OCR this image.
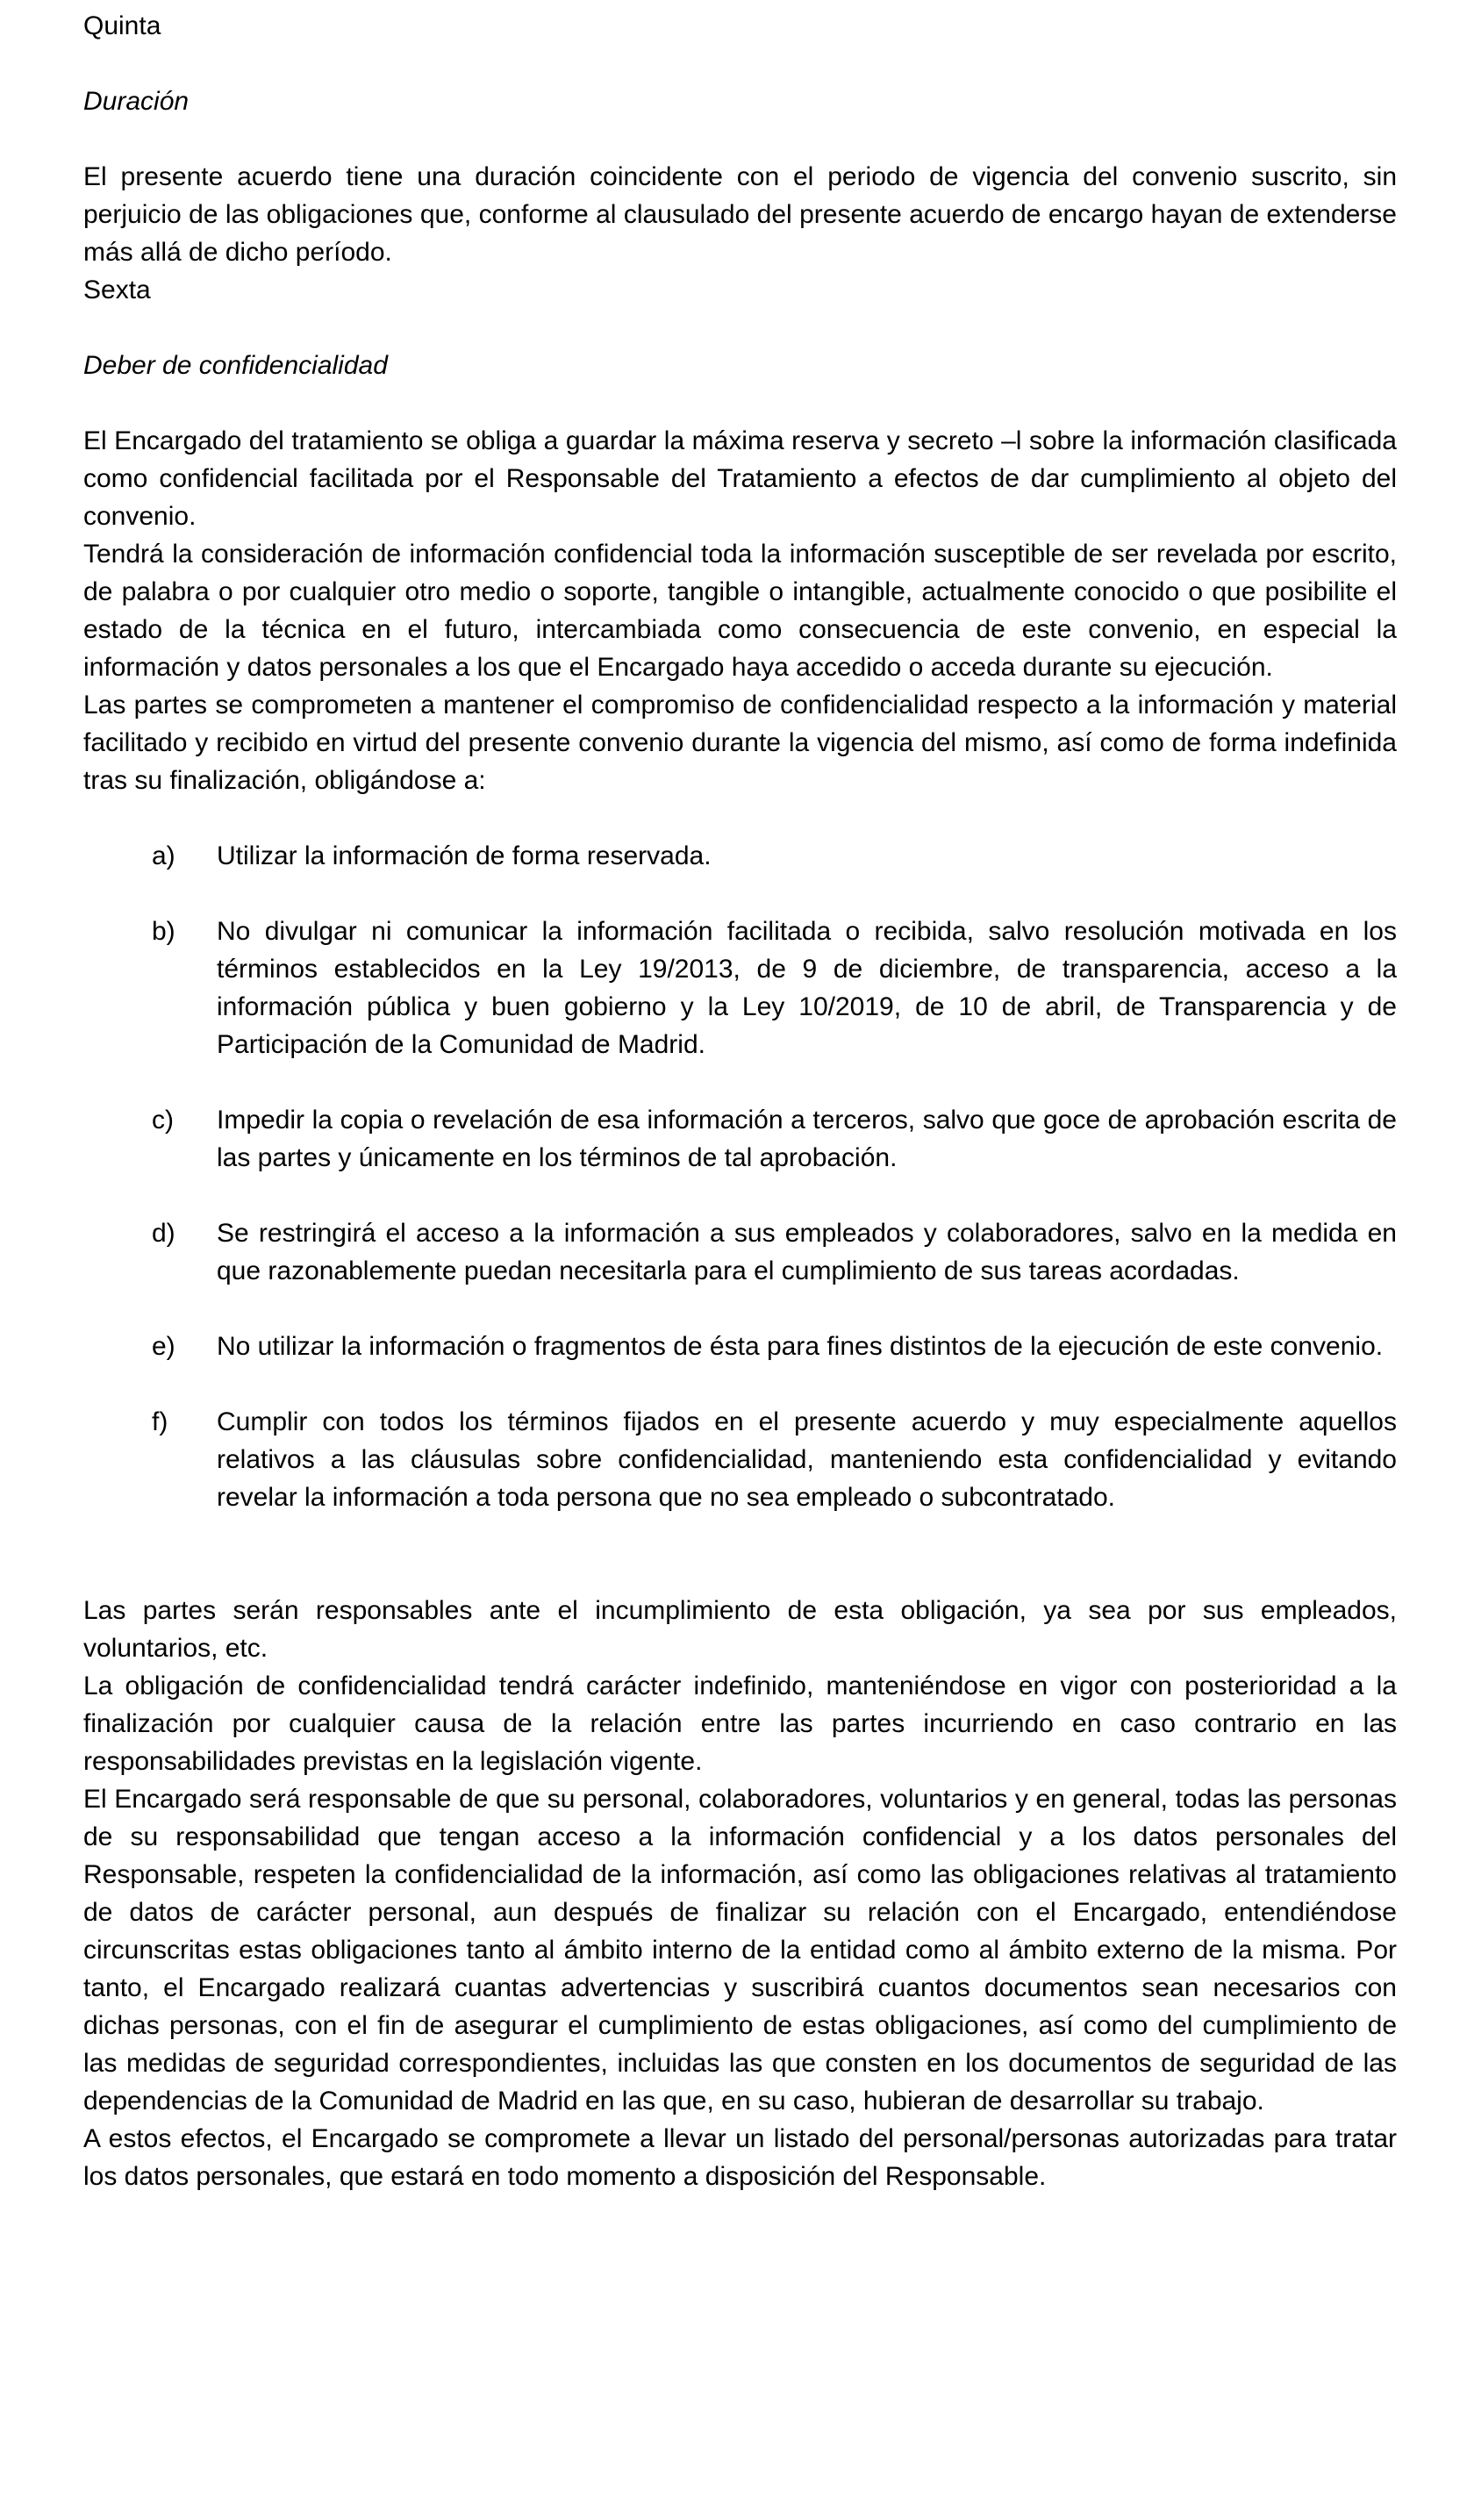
Quinta

Duración

El presente acuerdo tiene una duración coincidente con el periodo de vigencia del convenio suscrito, sin perjuicio de las obligaciones que, conforme al clausulado del presente acuerdo de encargo hayan de extenderse más allá de dicho período.

Sexta

Deber de confidencialidad

El Encargado del tratamiento se obliga a guardar la máxima reserva y secreto –l sobre la información clasificada como confidencial facilitada por el Responsable del Tratamiento a efectos de dar cumplimiento al objeto del convenio.

Tendrá la consideración de información confidencial toda la información susceptible de ser revelada por escrito, de palabra o por cualquier otro medio o soporte, tangible o intangible, actualmente conocido o que posibilite el estado de la técnica en el futuro, intercambiada como consecuencia de este convenio, en especial la información y datos personales a los que el Encargado haya accedido o acceda durante su ejecución.

Las partes se comprometen a mantener el compromiso de confidencialidad respecto a la información y material facilitado y recibido en virtud del presente convenio durante la vigencia del mismo, así como de forma indefinida tras su finalización, obligándose a:

a)	Utilizar la información de forma reservada.
b)	No divulgar ni comunicar la información facilitada o recibida, salvo resolución motivada en los términos establecidos en la Ley 19/2013, de 9 de diciembre, de transparencia, acceso a la información pública y buen gobierno y la Ley 10/2019, de 10 de abril, de Transparencia y de Participación de la Comunidad de Madrid.
c)	Impedir la copia o revelación de esa información a terceros, salvo que goce de aprobación escrita de las partes y únicamente en los términos de tal aprobación.
d)	Se restringirá el acceso a la información a sus empleados y colaboradores, salvo en la medida en que razonablemente puedan necesitarla para el cumplimiento de sus tareas acordadas.
e)	No utilizar la información o fragmentos de ésta para fines distintos de la ejecución de este convenio.
f)	Cumplir con todos los términos fijados en el presente acuerdo y muy especialmente aquellos relativos a las cláusulas sobre confidencialidad, manteniendo esta confidencialidad y evitando revelar la información a toda persona que no sea empleado o subcontratado.

Las partes serán responsables ante el incumplimiento de esta obligación, ya sea por sus empleados, voluntarios, etc.

La obligación de confidencialidad tendrá carácter indefinido, manteniéndose en vigor con posterioridad a la finalización por cualquier causa de la relación entre las partes incurriendo en caso contrario en las responsabilidades previstas en la legislación vigente.

El Encargado será responsable de que su personal, colaboradores, voluntarios y en general, todas las personas de su responsabilidad que tengan acceso a la información confidencial y a los datos personales del Responsable, respeten la confidencialidad de la información, así como las obligaciones relativas al tratamiento de datos de carácter personal, aun después de finalizar su relación con el Encargado, entendiéndose circunscritas estas obligaciones tanto al ámbito interno de la entidad como al ámbito externo de la misma. Por tanto, el Encargado realizará cuantas advertencias y suscribirá cuantos documentos sean necesarios con dichas personas, con el fin de asegurar el cumplimiento de estas obligaciones, así como del cumplimiento de las medidas de seguridad correspondientes, incluidas las que consten en los documentos de seguridad de las dependencias de la Comunidad de Madrid en las que, en su caso, hubieran de desarrollar su trabajo.

A estos efectos, el Encargado se compromete a llevar un listado del personal/personas autorizadas para tratar los datos personales, que estará en todo momento a disposición del Responsable.
